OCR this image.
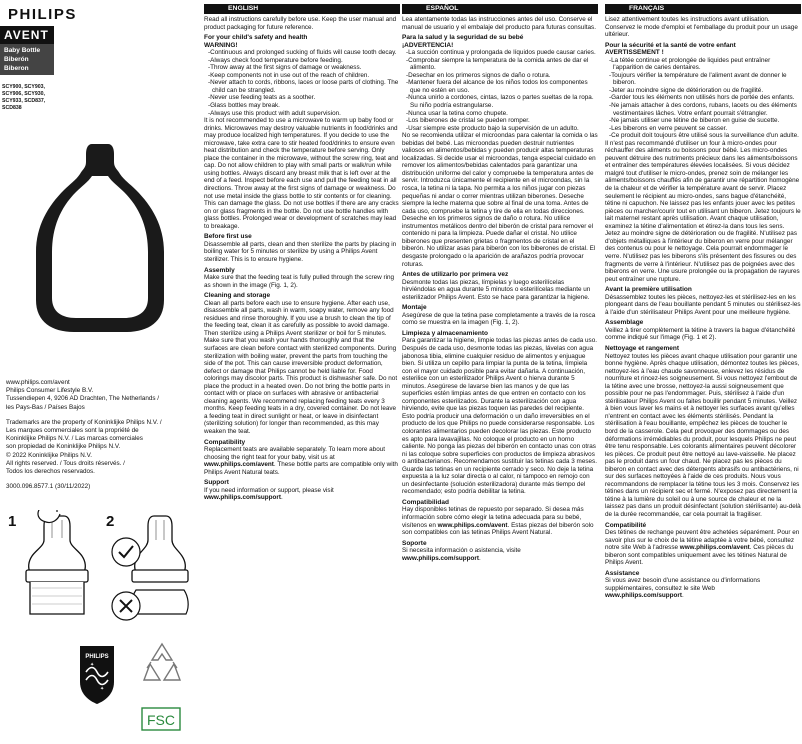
PHILIPS
AVENT
Baby Bottle
Biberón
Biberon
SCY900, SCY903,
SCY906, SCY930,
SCY933, SCD837,
SCD838

www.philips.com/avent
Philips Consumer Lifestyle B.V.
Tussendiepen 4, 9206 AD Drachten, The Netherlands /
les Pays-Bas / Países Bajos

Trademarks are the property of Koninklijke Philips N.V. /
Les marques commerciales sont la propriété de
Koninklijke Philips N.V. / Las marcas comerciales
son propiedad de Koninklijke Philips N.V.
© 2022 Koninklijke Philips N.V.
All rights reserved. / Tous droits réservés. /
Todos los derechos reservados.

3000.096.8577.1 (30/11/2022)

1	2
PHILIPS
✦
✦
FSC
ENGLISH
Read all instructions carefully before use. Keep the user manual and product packaging for future reference.
For your child's safety and health
WARNING!
-Continuous and prolonged sucking of fluids will cause tooth decay.
-Always check food temperature before feeding.
-Throw away at the first signs of damage or weakness.
-Keep components not in use out of the reach of children.
-Never attach to cords, ribbons, laces or loose parts of clothing. The child can be strangled.
-Never use feeding teats as a soother.
-Glass bottles may break.
-Always use this product with adult supervision.
It is not recommended to use a microwave to warm up baby food or drinks. Microwaves may destroy valuable nutrients in food/drinks and may produce localized high temperatures. If you decide to use the microwave, take extra care to stir heated food/drinks to ensure even heat distribution and check the temperature before serving. Only place the container in the microwave, without the screw ring, teat and cap. Do not allow children to play with small parts or walk/run while using bottles. Always discard any breast milk that is left over at the end of a feed. Inspect before each use and pull the feeding teat in all directions. Throw away at the first signs of damage or weakness. Do not use metal inside the glass bottle to stir contents or for cleaning. This can damage the glass. Do not use bottles if there are any cracks on or glass fragments in the bottle. Do not use bottle handles with glass bottles. Prolonged wear or development of scratches may lead to breakage.
Before first use
Disassemble all parts, clean and then sterilize the parts by placing in boiling water for 5 minutes or sterilize by using a Philips Avent sterilizer. This is to ensure hygiene.
Assembly
Make sure that the feeding teat is fully pulled through the screw ring as shown in the image (Fig. 1, 2).
Cleaning and storage
Clean all parts before each use to ensure hygiene. After each use, disassemble all parts, wash in warm, soapy water, remove any food residues and rinse thoroughly. If you use a brush to clean the tip of the feeding teat, clean it as carefully as possible to avoid damage. Then sterilize using a Philips Avent sterilizer or boil for 5 minutes. Make sure that you wash your hands thoroughly and that the surfaces are clean before contact with sterilized components. During sterilization with boiling water, prevent the parts from touching the side of the pot. This can cause irreversible product deformation, defect or damage that Philips cannot be held liable for. Food colorings may discolor parts. This product is dishwasher safe. Do not place the product in a heated oven. Do not bring the bottle parts in contact with or place on surfaces with abrasive or antibacterial cleaning agents. We recommend replacing feeding teats every 3 months. Keep feeding teats in a dry, covered container. Do not leave a feeding teat in direct sunlight or heat, or leave in disinfectant (sterilizing solution) for longer than recommended, as this may weaken the teat.
Compatibility
Replacement teats are available separately. To learn more about choosing the right teat for your baby, visit us at www.philips.com/avent. These bottle parts are compatible only with Philips Avent Natural teats.
Support
If you need information or support, please visit
www.philips.com/support.
ESPAÑOL
Lea atentamente todas las instrucciones antes del uso. Conserve el manual de usuario y el embalaje del producto para futuras consultas.
Para la salud y la seguridad de su bebé
¡ADVERTENCIA!
-La succión continua y prolongada de líquidos puede causar caries.
-Comprobar siempre la temperatura de la comida antes de dar el alimento.
-Desechar en los primeros signos de daño o rotura.
-Mantener fuera del alcance de los niños todos los componentes que no estén en uso.
-Nunca unirlo a cordones, cintas, lazos o partes sueltas de la ropa. Su niño podría estrangularse.
-Nunca usar la tetina como chupete.
-Los biberones de cristal se pueden romper.
-Usar siempre este producto bajo la supervisión de un adulto.
No se recomienda utilizar el microondas para calentar la comida o las bebidas del bebé. Las microondas pueden destruir nutrientes valiosos en alimentos/bebidas y pueden producir altas temperaturas localizadas. Si decide usar el microondas, tenga especial cuidado en remover los alimentos/bebidas calentados para garantizar una distribución uniforme del calor y compruebe la temperatura antes de servir. Introduzca únicamente el recipiente en el microondas, sin la rosca, la tetina ni la tapa. No permita a los niños jugar con piezas pequeñas ni andar o correr mientras utilizan biberones. Deseche siempre la leche materna que sobre al final de una toma. Antes de cada uso, compruebe la tetina y tire de ella en todas direcciones. Deseche en los primeros signos de daño o rotura. No utilice instrumentos metálicos dentro del biberón de cristal para remover el contenido ni para la limpieza. Puede dañar el cristal. No utilice biberones que presenten grietas o fragmentos de cristal en el biberón. No utilizar asas para biberón con los biberones de cristal. El desgaste prolongado o la aparición de arañazos podría provocar roturas.
Antes de utilizarlo por primera vez
Desmonte todas las piezas, límpielas y luego esterilícelas hirviéndolas en agua durante 5 minutos o esterilícelas mediante un esterilizador Philips Avent. Esto se hace para garantizar la higiene.
Montaje
Asegúrese de que la tetina pase completamente a través de la rosca como se muestra en la imagen (Fig. 1, 2).
Limpieza y almacenamiento
Para garantizar la higiene, limpie todas las piezas antes de cada uso. Después de cada uso, desmonte todas las piezas, lávelas con agua jabonosa tibia, elimine cualquier residuo de alimentos y enjuague bien. Si utiliza un cepillo para limpiar la punta de la tetina, límpiela con el mayor cuidado posible para evitar dañarla. A continuación, esterilice con un esterilizador Philips Avent o hierva durante 5 minutos. Asegúrese de lavarse bien las manos y de que las superficies estén limpias antes de que entren en contacto con los componentes esterilizados. Durante la esterilización con agua hirviendo, evite que las piezas toquen las paredes del recipiente. Esto podría producir una deformación o un daño irreversibles en el producto de los que Philips no puede considerarse responsable. Los colorantes alimentarios pueden decolorar las piezas. Este producto es apto para lavavajillas. No coloque el producto en un horno caliente. No ponga las piezas del biberón en contacto unas con otras ni las coloque sobre superficies con productos de limpieza abrasivos o antibacterianos. Recomendamos sustituir las tetinas cada 3 meses. Guarde las tetinas en un recipiente cerrado y seco. No deje la tetina expuesta a la luz solar directa o al calor, ni tampoco en remojo con un desinfectante (solución esterilizadora) durante más tiempo del recomendado; esto podría debilitar la tetina.
Compatibilidad
Hay disponibles tetinas de repuesto por separado. Si desea más información sobre cómo elegir la tetina adecuada para su bebé, visítenos en www.philips.com/avent. Estas piezas del biberón solo son compatibles con las tetinas Philips Avent Natural.
Soporte
Si necesita información o asistencia, visite
www.philips.com/support.
FRANÇAIS
Lisez attentivement toutes les instructions avant utilisation. Conservez le mode d'emploi et l'emballage du produit pour un usage ultérieur.
Pour la sécurité et la santé de votre enfant
AVERTISSEMENT !
-La tétée continue et prolongée de liquides peut entraîner l'apparition de caries dentaires.
-Toujours vérifier la température de l'aliment avant de donner le biberon.
-Jeter au moindre signe de détérioration ou de fragilité.
-Garder tous les éléments non utilisés hors de portée des enfants.
-Ne jamais attacher à des cordons, rubans, lacets ou des éléments vestimentaires lâches. Votre enfant pourrait s'étrangler.
-Ne jamais utiliser une tétine de biberon en guise de sucette.
-Les biberons en verre peuvent se casser.
-Ce produit doit toujours être utilisé sous la surveillance d'un adulte.
Il n'est pas recommandé d'utiliser un four à micro-ondes pour réchauffer des aliments ou boissons pour bébé. Les micro-ondes peuvent détruire des nutriments précieux dans les aliments/boissons et entraîner des températures élevées localisées. Si vous décidez malgré tout d'utiliser le micro-ondes, prenez soin de mélanger les aliments/boissons chauffés afin de garantir une répartition homogène de la chaleur et de vérifier la température avant de servir. Placez seulement le récipient au micro-ondes, sans bague d'étanchéité, tétine ni capuchon. Ne laissez pas les enfants jouer avec les petites pièces ou marcher/courir tout en utilisant un biberon. Jetez toujours le lait maternel restant après utilisation. Avant chaque utilisation, examinez la tétine d'alimentation et étirez-la dans tous les sens. Jetez au moindre signe de détérioration ou de fragilité. N'utilisez pas d'objets métalliques à l'intérieur du biberon en verre pour mélanger des contenus ou pour le nettoyage. Cela pourrait endommager le verre. N'utilisez pas les biberons s'ils présentent des fissures ou des fragments de verre à l'intérieur. N'utilisez pas de poignées avec des biberons en verre. Une usure prolongée ou la propagation de rayures peut entraîner une rupture.
Avant la première utilisation
Désassemblez toutes les pièces, nettoyez-les et stérilisez-les en les plongeant dans de l'eau bouillante pendant 5 minutes ou stérilisez-les à l'aide d'un stérilisateur Philips Avent pour une meilleure hygiène.
Assemblage
Veillez à tirer complètement la tétine à travers la bague d'étanchéité comme indiqué sur l'image (Fig. 1 et 2).
Nettoyage et rangement
Nettoyez toutes les pièces avant chaque utilisation pour garantir une bonne hygiène. Après chaque utilisation, démontez toutes les pièces, nettoyez-les à l'eau chaude savonneuse, enlevez les résidus de nourriture et rincez-les soigneusement. Si vous nettoyez l'embout de la tétine avec une brosse, nettoyez-la aussi soigneusement que possible pour ne pas l'endommager. Puis, stérilisez à l'aide d'un stérilisateur Philips Avent ou faites bouillir pendant 5 minutes. Veillez à bien vous laver les mains et à nettoyer les surfaces avant qu'elles n'entrent en contact avec les éléments stérilisés. Pendant la stérilisation à l'eau bouillante, empêchez les pièces de toucher le bord de la casserole. Cela peut provoquer des dommages ou des déformations irrémédiables du produit, pour lesquels Philips ne peut être tenu responsable. Les colorants alimentaires peuvent décolorer les pièces. Ce produit peut être nettoyé au lave-vaisselle. Ne placez pas le produit dans un four chaud. Ne placez pas les pièces du biberon en contact avec des détergents abrasifs ou antibactériens, ni sur des surfaces nettoyées à l'aide de ces produits. Nous vous recommandons de remplacer la tétine tous les 3 mois. Conservez les tétines dans un récipient sec et fermé. N'exposez pas directement la tétine à la lumière du soleil ou à une source de chaleur et ne la laissez pas dans un produit désinfectant (solution stérilisante) au-delà de la durée recommandée, car cela pourrait la fragiliser.
Compatibilité
Des tétines de rechange peuvent être achetées séparément. Pour en savoir plus sur le choix de la tétine adaptée à votre bébé, consultez notre site Web à l'adresse www.philips.com/avent. Ces pièces du biberon sont compatibles uniquement avec les tétines Natural de Philips Avent.
Assistance
Si vous avez besoin d'une assistance ou d'informations supplémentaires, consultez le site Web
www.philips.com/support.
